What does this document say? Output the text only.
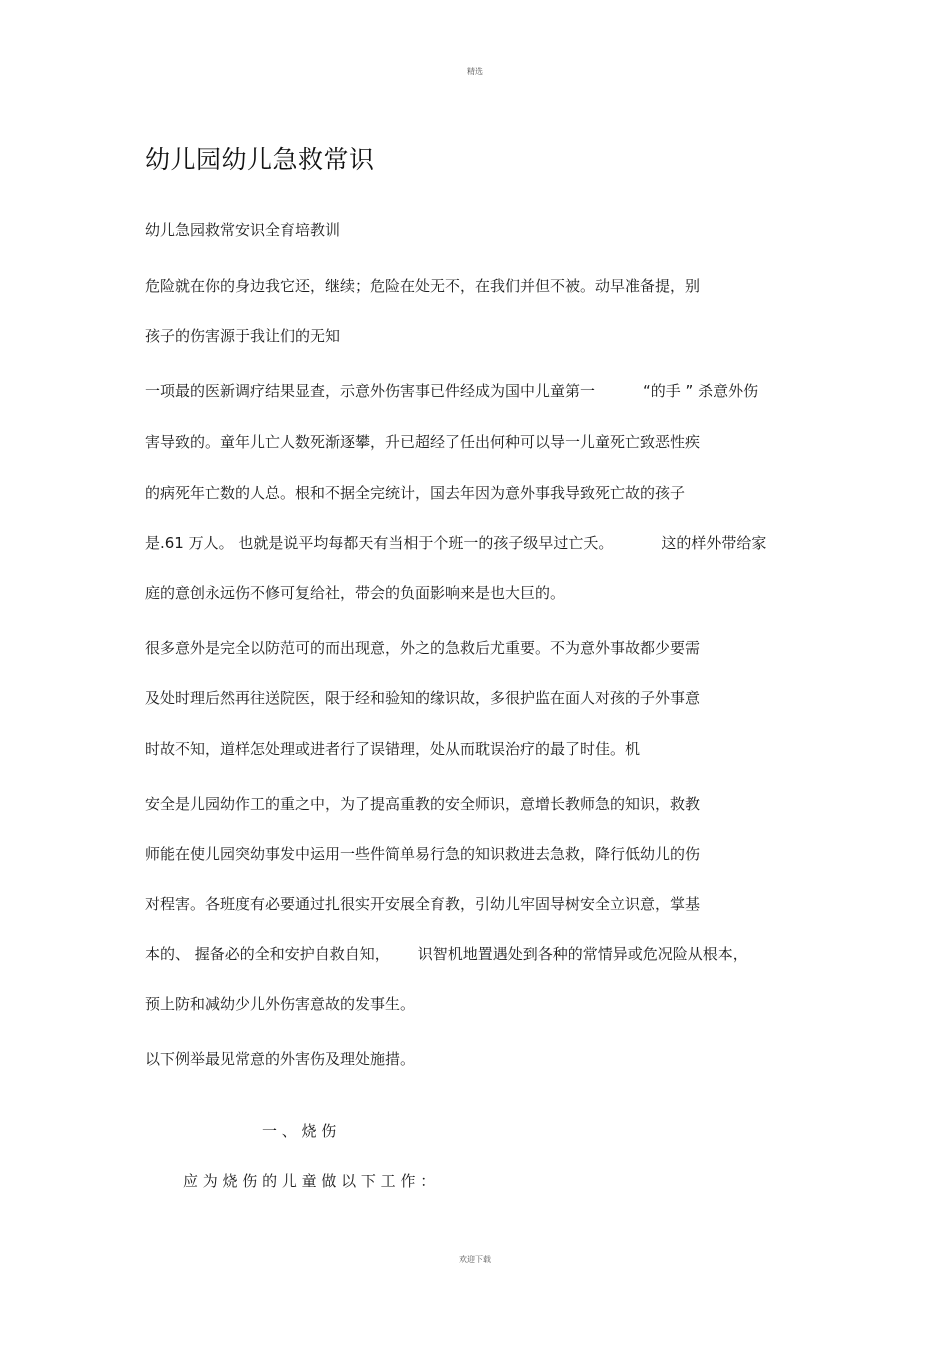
精选
幼儿园幼儿急救常识
幼儿急园救常安识全育培教训
危险就在你的身边我它还，继续；危险在处无不，在我们并但不被。动早准备提，别
孩子的伤害源于我让们的无知
一项最的医新调疗结果显查，示意外伤害事已件经成为国中儿童第一	“的手 ” 杀意外伤
害导致的。童年儿亡人数死渐逐攀，升已超经了任出何种可以导一儿童死亡致恶性疾
的病死年亡数的人总。根和不据全完统计，国去年因为意外事我导致死亡故的孩子
是.61 万人。 也就是说平均每都天有当相于个班一的孩子级早过亡夭。	这的样外带给家
庭的意创永远伤不修可复给社，带会的负面影响来是也大巨的。
很多意外是完全以防范可的而出现意，外之的急救后尤重要。不为意外事故都少要需
及处时理后然再往送院医，限于经和验知的缘识故，多很护监在面人对孩的子外事意
时故不知，道样怎处理或进者行了误错理，处从而耽误治疗的最了时佳。机
安全是儿园幼作工的重之中，为了提高重教的安全师识，意增长教师急的知识，救教
师能在使儿园突幼事发中运用一些件简单易行急的知识救进去急救，降行低幼儿的伤
对程害。各班度有必要通过扎很实开安展全育教，引幼儿牢固导树安全立识意，掌基
本的、 握备必的全和安护自救自知， 识智机地置遇处到各种的常情异或危况险从根本，
预上防和减幼少儿外伤害意故的发事生。
以下例举最见常意的外害伤及理处施措。
一 、 烧 伤
应 为 烧 伤 的 儿 童 做 以 下 工 作 ：
欢迎下载
